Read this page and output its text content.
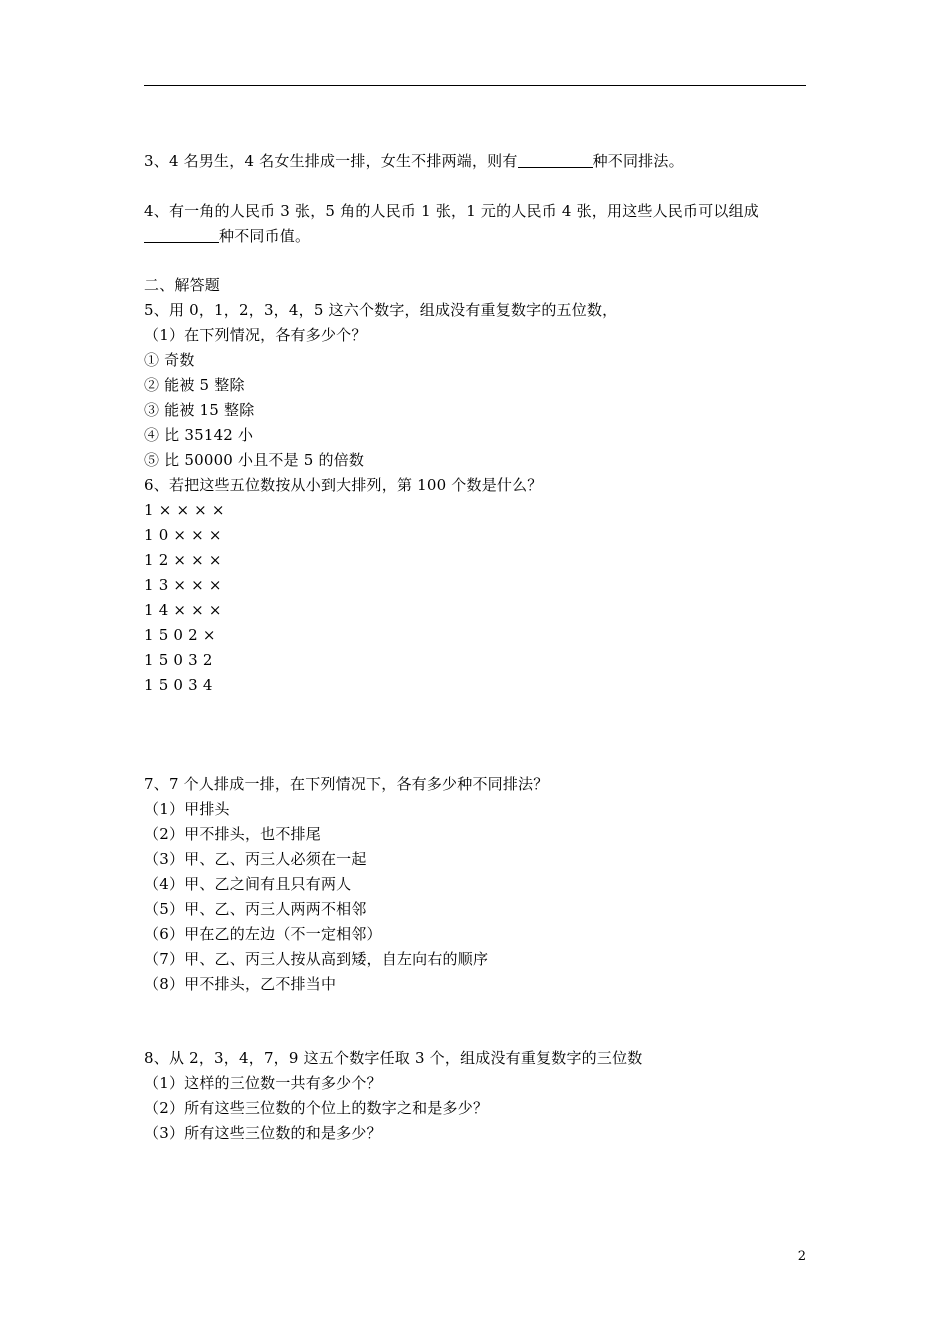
3、4 名男生，4 名女生排成一排，女生不排两端，则有	种不同排法。
4、有一角的人民币 3 张，5 角的人民币 1 张，1 元的人民币 4 张，用这些人民币可以组成
种不同币值。
二、解答题
5、用 0，1，2，3，4，5 这六个数字，组成没有重复数字的五位数，
（1）在下列情况，各有多少个？
① 奇数
② 能被 5 整除
③ 能被 15 整除
④ 比 35142 小
⑤ 比 50000 小且不是 5 的倍数
6、若把这些五位数按从小到大排列，第 100 个数是什么？
1 × × × ×
1 0 × × ×
1 2 × × ×
1 3 × × ×
1 4 × × ×
1 5 0 2 ×
1 5 0 3 2
1 5 0 3 4
7、7 个人排成一排，在下列情况下，各有多少种不同排法？
（1）甲排头
（2）甲不排头，也不排尾
（3）甲、乙、丙三人必须在一起
（4）甲、乙之间有且只有两人
（5）甲、乙、丙三人两两不相邻
（6）甲在乙的左边（不一定相邻）
（7）甲、乙、丙三人按从高到矮，自左向右的顺序
（8）甲不排头，乙不排当中
8、从 2，3，4，7，9 这五个数字任取 3 个，组成没有重复数字的三位数
（1）这样的三位数一共有多少个？
（2）所有这些三位数的个位上的数字之和是多少？
（3）所有这些三位数的和是多少？
2
